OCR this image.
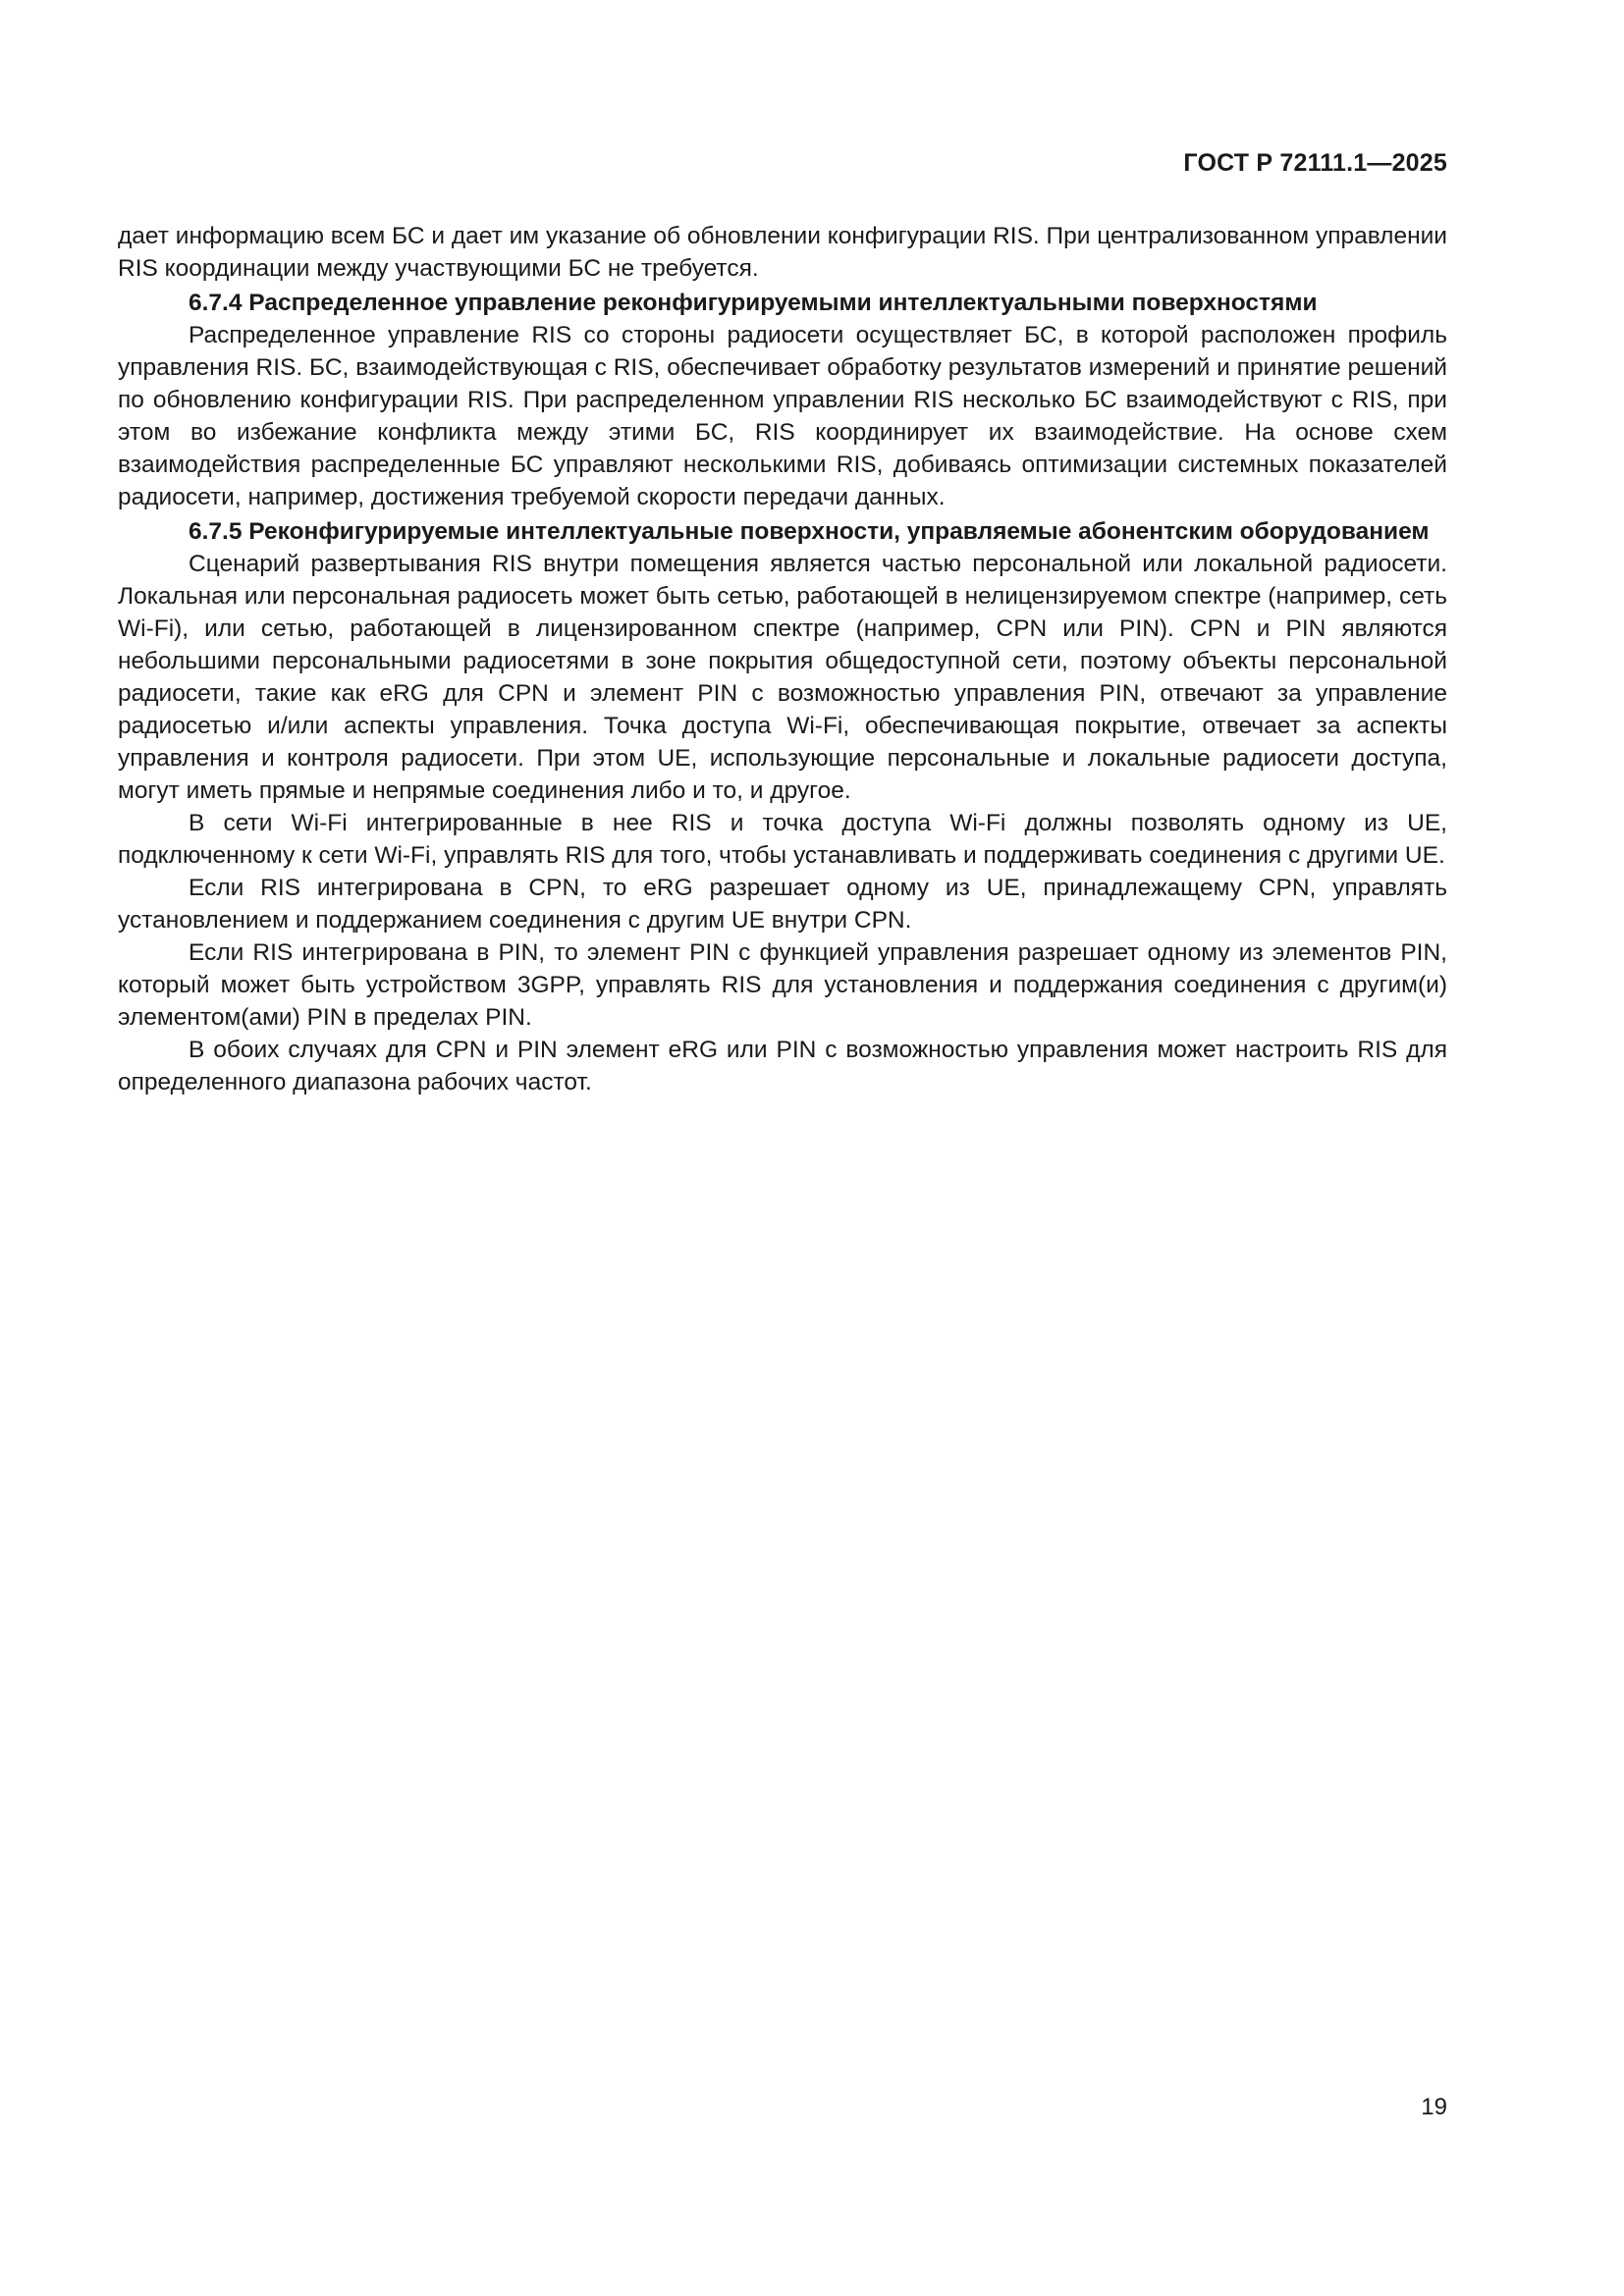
ГОСТ Р 72111.1—2025

дает информацию всем БС и дает им указание об обновлении конфигурации RIS. При централизованном управлении RIS координации между участвующими БС не требуется.

6.7.4 Распределенное управление реконфигурируемыми интеллектуальными поверхностями

Распределенное управление RIS со стороны радиосети осуществляет БС, в которой расположен профиль управления RIS. БС, взаимодействующая с RIS, обеспечивает обработку результатов измерений и принятие решений по обновлению конфигурации RIS. При распределенном управлении RIS несколько БС взаимодействуют с RIS, при этом во избежание конфликта между этими БС, RIS координирует их взаимодействие. На основе схем взаимодействия распределенные БС управляют несколькими RIS, добиваясь оптимизации системных показателей радиосети, например, достижения требуемой скорости передачи данных.

6.7.5 Реконфигурируемые интеллектуальные поверхности, управляемые абонентским оборудованием

Сценарий развертывания RIS внутри помещения является частью персональной или локальной радиосети. Локальная или персональная радиосеть может быть сетью, работающей в нелицензируемом спектре (например, сеть Wi-Fi), или сетью, работающей в лицензированном спектре (например, CPN или PIN). CPN и PIN являются небольшими персональными радиосетями в зоне покрытия общедоступной сети, поэтому объекты персональной радиосети, такие как eRG для CPN и элемент PIN с возможностью управления PIN, отвечают за управление радиосетью и/или аспекты управления. Точка доступа Wi-Fi, обеспечивающая покрытие, отвечает за аспекты управления и контроля радиосети. При этом UE, использующие персональные и локальные радиосети доступа, могут иметь прямые и непрямые соединения либо и то, и другое.

В сети Wi-Fi интегрированные в нее RIS и точка доступа Wi-Fi должны позволять одному из UE, подключенному к сети Wi-Fi, управлять RIS для того, чтобы устанавливать и поддерживать соединения с другими UE.

Если RIS интегрирована в CPN, то eRG разрешает одному из UE, принадлежащему CPN, управлять установлением и поддержанием соединения с другим UE внутри CPN.

Если RIS интегрирована в PIN, то элемент PIN с функцией управления разрешает одному из элементов PIN, который может быть устройством 3GPP, управлять RIS для установления и поддержания соединения с другим(и) элементом(ами) PIN в пределах PIN.

В обоих случаях для CPN и PIN элемент eRG или PIN с возможностью управления может настроить RIS для определенного диапазона рабочих частот.

19
